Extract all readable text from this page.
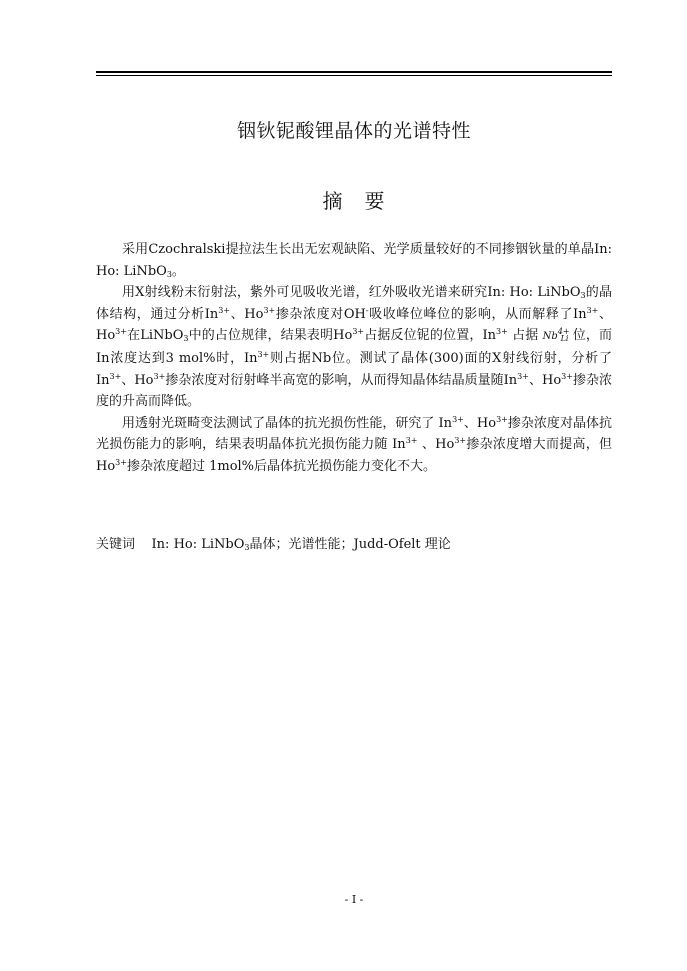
铟钬铌酸锂晶体的光谱特性
摘　要

采用Czochralski提拉法生长出无宏观缺陷、光学质量较好的不同掺铟钬量的单晶In: Ho: LiNbO$_3$。

用X射线粉末衍射法，紫外可见吸收光谱，红外吸收光谱来研究In: Ho: LiNbO$_3$的晶体结构，通过分析$In^{3+}$、$Ho^{3+}$掺杂浓度对OH-吸收峰位峰位的影响，从而解释了$In^{3+}$、$Ho^{3+}$在LiNbO$_3$中的占位规律，结果表明$Ho^{3+}$占据反位铌的位置，$In^{3+}$ 占据 $Nb^{4+}_{Li}$ 位，而In浓度达到3 mol%时，$In^{3+}$则占据Nb位。测试了晶体(300)面的X射线衍射，分析了$In^{3+}$、$Ho^{3+}$掺杂浓度对衍射峰半高宽的影响，从而得知晶体结晶质量随$In^{3+}$、$Ho^{3+}$掺杂浓度的升高而降低。

用透射光斑畸变法测试了晶体的抗光损伤性能，研究了 $In^{3+}$、$Ho^{3+}$掺杂浓度对晶体抗光损伤能力的影响，结果表明晶体抗光损伤能力随 $In^{3+}$ 、$Ho^{3+}$掺杂浓度增大而提高，但 $Ho^{3+}$掺杂浓度超过 1mol%后晶体抗光损伤能力变化不大。

关键词 In: Ho: LiNbO$_3$晶体；光谱性能；Judd-Ofelt 理论
- I -
